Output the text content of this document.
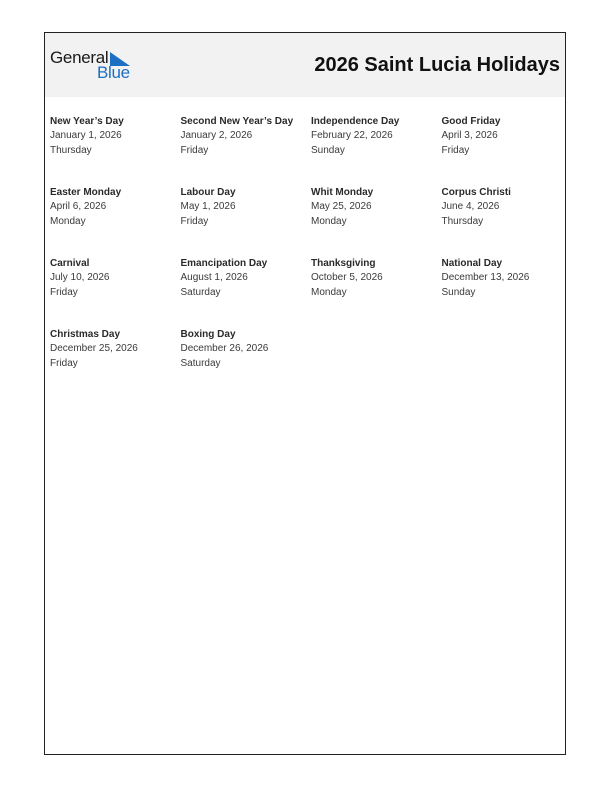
General
Blue	2026 Saint Lucia Holidays
New Year’s Day
January 1, 2026
Thursday
Second New Year’s Day
January 2, 2026
Friday
Independence Day
February 22, 2026
Sunday
Good Friday
April 3, 2026
Friday
Easter Monday
April 6, 2026
Monday
Labour Day
May 1, 2026
Friday
Whit Monday
May 25, 2026
Monday
Corpus Christi
June 4, 2026
Thursday
Carnival
July 10, 2026
Friday
Emancipation Day
August 1, 2026
Saturday
Thanksgiving
October 5, 2026
Monday
National Day
December 13, 2026
Sunday
Christmas Day
December 25, 2026
Friday
Boxing Day
December 26, 2026
Saturday
